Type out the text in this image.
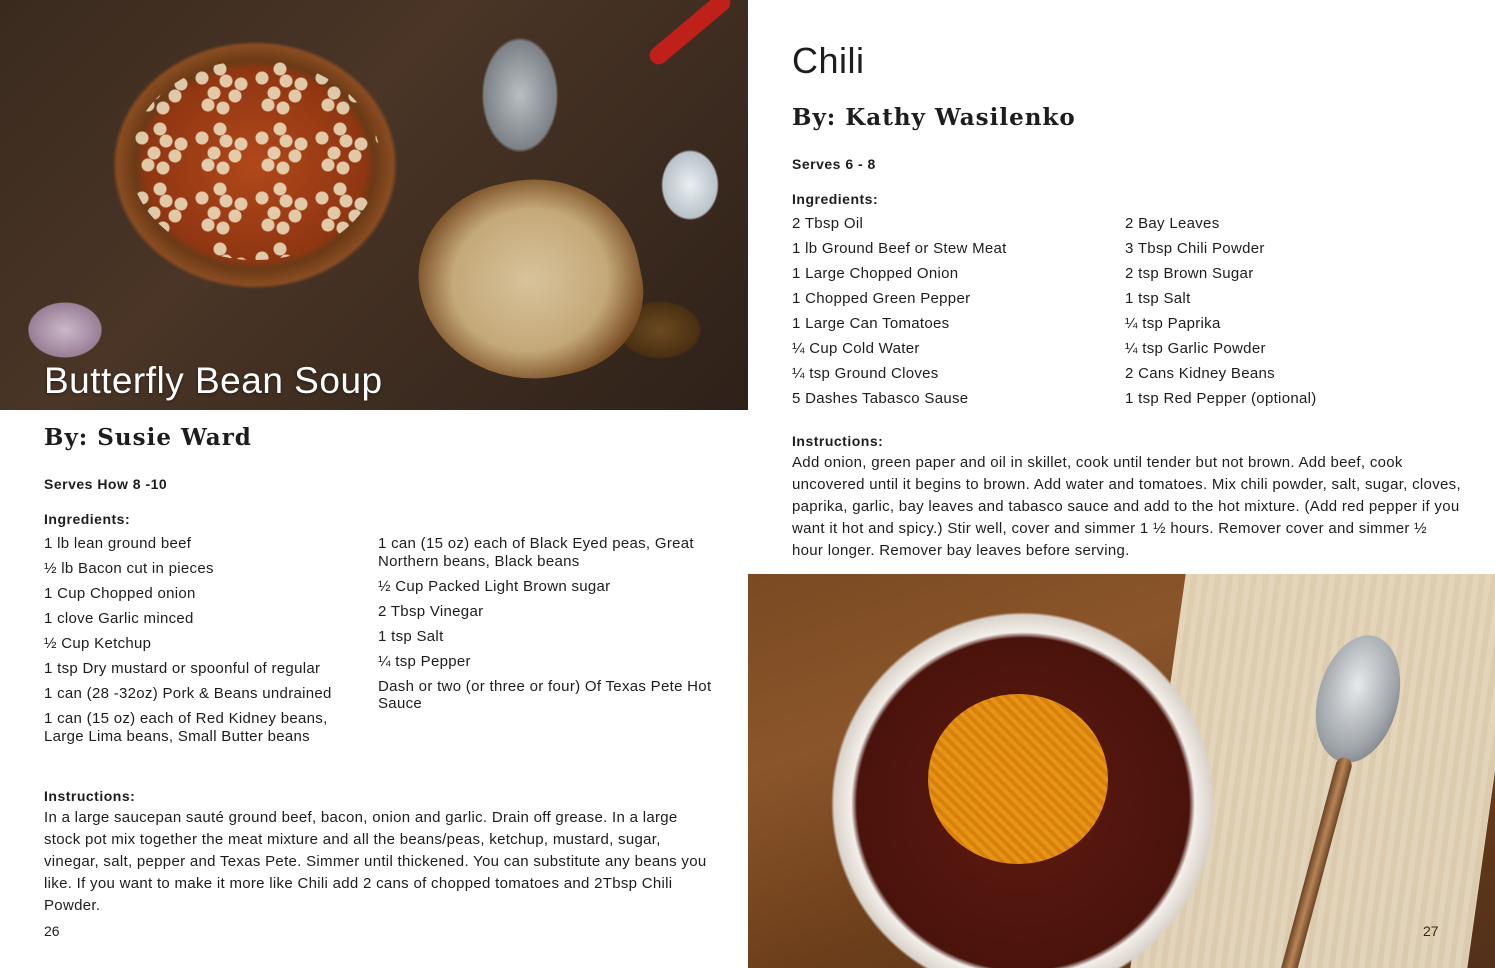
Butterfly Bean Soup
By: Susie Ward
Serves How 8 -10
Ingredients:
1 lb lean ground beef
½ lb Bacon cut in pieces
1 Cup Chopped onion
1 clove Garlic minced
½ Cup Ketchup
1 tsp Dry mustard or spoonful of regular
1 can (28 -32oz) Pork & Beans undrained
1 can (15 oz) each of Red Kidney beans, Large Lima beans, Small Butter beans
1 can (15 oz) each of Black Eyed peas, Great Northern beans, Black beans
½ Cup Packed Light Brown sugar
2 Tbsp Vinegar
1 tsp Salt
¼ tsp Pepper
Dash or two (or three or four) Of Texas Pete Hot Sauce
Instructions:

In a large saucepan sauté ground beef, bacon, onion and garlic. Drain off grease. In a large stock pot mix together the meat mixture and all the beans/peas, ketchup, mustard, sugar, vinegar, salt, pepper and Texas Pete. Simmer until thickened. You can substitute any beans you like. If you want to make it more like Chili add 2 cans of chopped tomatoes and 2Tbsp Chili Powder.

26
Chili
By: Kathy Wasilenko
Serves 6 - 8
Ingredients:
2 Tbsp Oil
1 lb Ground Beef or Stew Meat
1 Large Chopped Onion
1 Chopped Green Pepper
1 Large Can Tomatoes
¼ Cup Cold Water
¼ tsp Ground Cloves
5 Dashes Tabasco Sause
2 Bay Leaves
3 Tbsp Chili Powder
2 tsp Brown Sugar
1 tsp Salt
¼ tsp Paprika
¼ tsp Garlic Powder
2 Cans Kidney Beans
1 tsp Red Pepper (optional)
Instructions:

Add onion, green paper and oil in skillet, cook until tender but not brown. Add beef, cook uncovered until it begins to brown. Add water and tomatoes. Mix chili powder, salt, sugar, cloves, paprika, garlic, bay leaves and tabasco sauce and add to the hot mixture. (Add red pepper if you want it hot and spicy.) Stir well, cover and simmer 1 ½ hours. Remover cover and simmer ½ hour longer. Remover bay leaves before serving.

27
